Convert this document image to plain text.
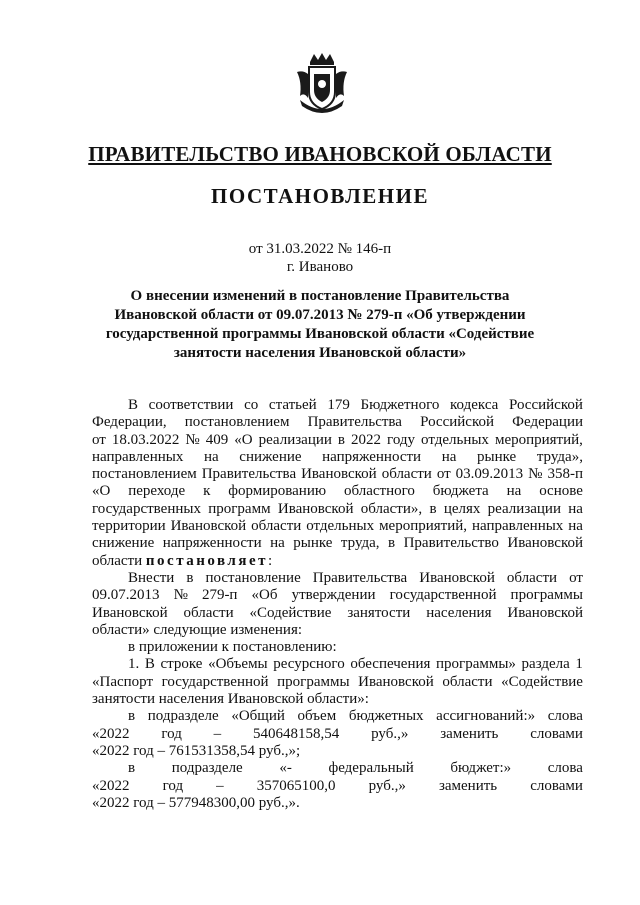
ПРАВИТЕЛЬСТВО ИВАНОВСКОЙ ОБЛАСТИ
ПОСТАНОВЛЕНИЕ
от 31.03.2022 № 146-п
г. Иваново
О внесении изменений в постановление Правительства
Ивановской области от 09.07.2013 № 279-п «Об утверждении
государственной программы Ивановской области «Содействие
занятости населения Ивановской области»
В соответствии со статьей 179 Бюджетного кодекса Российской
Федерации, постановлением Правительства Российской Федерации
от 18.03.2022 № 409 «О реализации в 2022 году отдельных мероприятий,
направленных на снижение напряженности на рынке труда»,
постановлением Правительства Ивановской области от 03.09.2013 № 358-п
«О переходе к формированию областного бюджета на основе
государственных программ Ивановской области», в целях реализации на
территории Ивановской области отдельных мероприятий, направленных на
снижение напряженности на рынке труда, в Правительство Ивановской
области постановляет :
Внести в постановление Правительства Ивановской области от
09.07.2013 № 279-п «Об утверждении государственной программы
Ивановской области «Содействие занятости населения Ивановской
области» следующие изменения:
в приложении к постановлению:
1. В строке «Объемы ресурсного обеспечения программы» раздела 1
«Паспорт государственной программы Ивановской области «Содействие
занятости населения Ивановской области»:
в подразделе «Общий объем бюджетных ассигнований:» слова
«2022 год – 540648158,54 руб.,» заменить словами
«2022 год – 761531358,54 руб.,»;
в подразделе «- федеральный бюджет:» слова
«2022 год – 357065100,0 руб.,» заменить словами
«2022 год – 577948300,00 руб.,».
